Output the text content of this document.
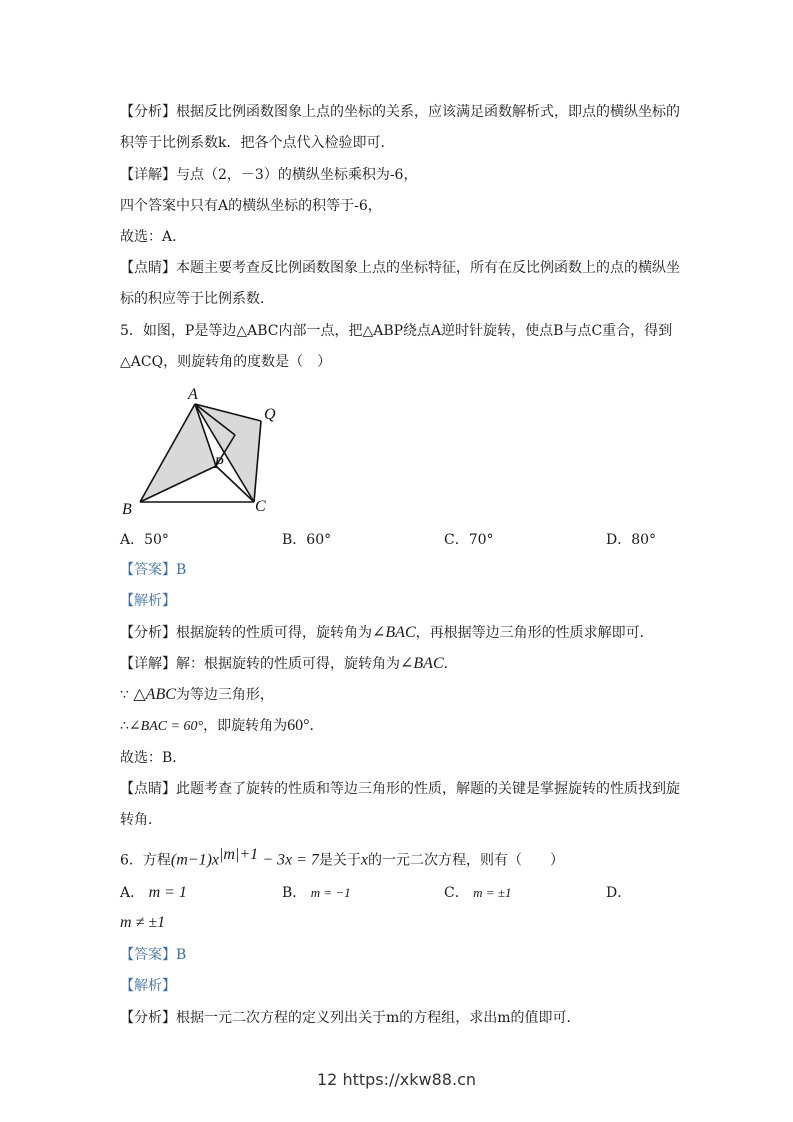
【分析】根据反比例函数图象上点的坐标的关系，应该满足函数解析式，即点的横纵坐标的
积等于比例系数k．把各个点代入检验即可．
【详解】与点（2，－3）的横纵坐标乘积为-6，
四个答案中只有A的横纵坐标的积等于-6，
故选：A．
【点睛】本题主要考查反比例函数图象上点的坐标特征，所有在反比例函数上的点的横纵坐
标的积应等于比例系数．
5．如图，P是等边△ABC内部一点，把△ABP绕点A逆时针旋转，使点B与点C重合，得到
△ACQ，则旋转角的度数是（　）
A
Q
P
B	C
A．50°	B．60°	C．70°	D．80°
【答案】B
【解析】
【分析】根据旋转的性质可得，旋转角为∠BAC，再根据等边三角形的性质求解即可．
【详解】解：根据旋转的性质可得，旋转角为∠BAC．
∵ △ABC为等边三角形，
∴∠BAC = 60°，即旋转角为60°．
故选：B．
【点睛】此题考查了旋转的性质和等边三角形的性质，解题的关键是掌握旋转的性质找到旋
转角．
6．方程$(m-1)x^{|m|+1} - 3x = 7$是关于x的一元二次方程，则有（　　）
A． m = 1	B． m = −1	C． m = ±1	D．
m ≠ ±1
【答案】B
【解析】
【分析】根据一元二次方程的定义列出关于m的方程组，求出m的值即可．
12 https://xkw88.cn
